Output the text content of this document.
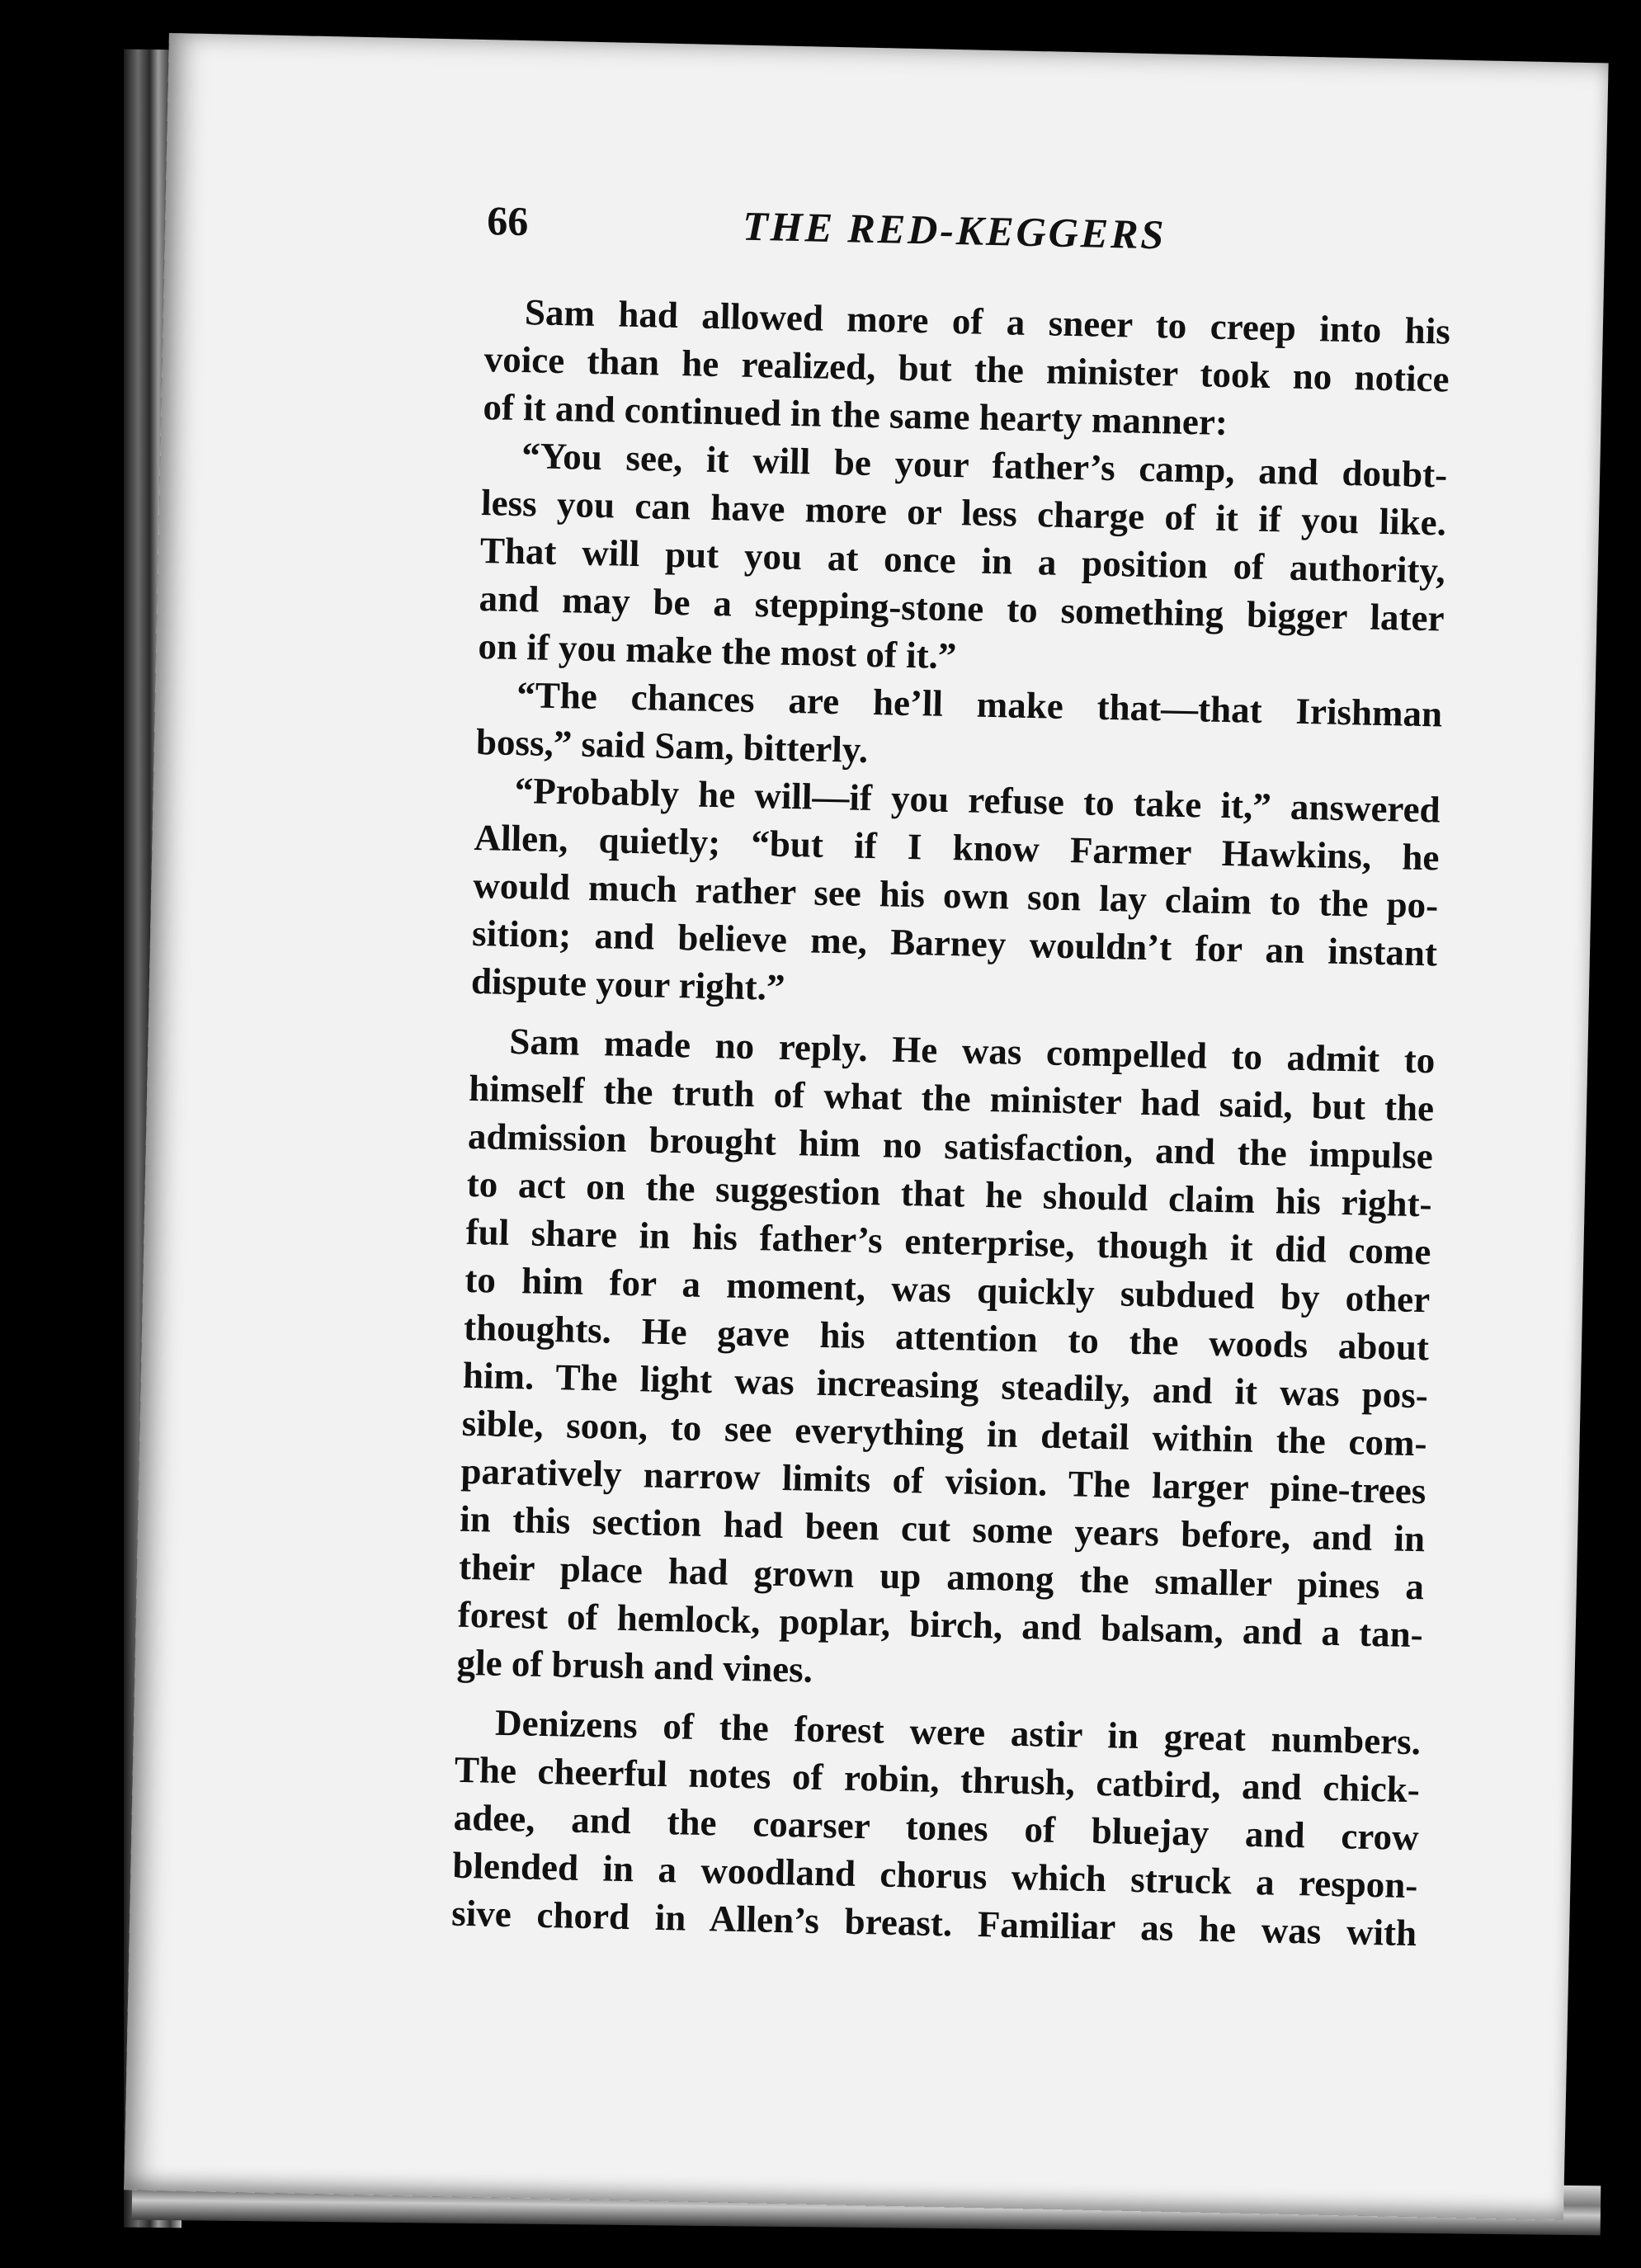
66	THE RED-KEGGERS
Sam had allowed more of a sneer to creep into his
voice than he realized, but the minister took no notice
of it and continued in the same hearty manner:
“You see, it will be your father’s camp, and doubt-
less you can have more or less charge of it if you like.
That will put you at once in a position of authority,
and may be a stepping-stone to something bigger later
on if you make the most of it.”
“The chances are he’ll make that—that Irishman
boss,” said Sam, bitterly.
“Probably he will—if you refuse to take it,” answered
Allen, quietly; “but if I know Farmer Hawkins, he
would much rather see his own son lay claim to the po-
sition; and believe me, Barney wouldn’t for an instant
dispute your right.”
Sam made no reply. He was compelled to admit to
himself the truth of what the minister had said, but the
admission brought him no satisfaction, and the impulse
to act on the suggestion that he should claim his right-
ful share in his father’s enterprise, though it did come
to him for a moment, was quickly subdued by other
thoughts. He gave his attention to the woods about
him. The light was increasing steadily, and it was pos-
sible, soon, to see everything in detail within the com-
paratively narrow limits of vision. The larger pine-trees
in this section had been cut some years before, and in
their place had grown up among the smaller pines a
forest of hemlock, poplar, birch, and balsam, and a tan-
gle of brush and vines.
Denizens of the forest were astir in great numbers.
The cheerful notes of robin, thrush, catbird, and chick-
adee, and the coarser tones of bluejay and crow
blended in a woodland chorus which struck a respon-
sive chord in Allen’s breast. Familiar as he was with
